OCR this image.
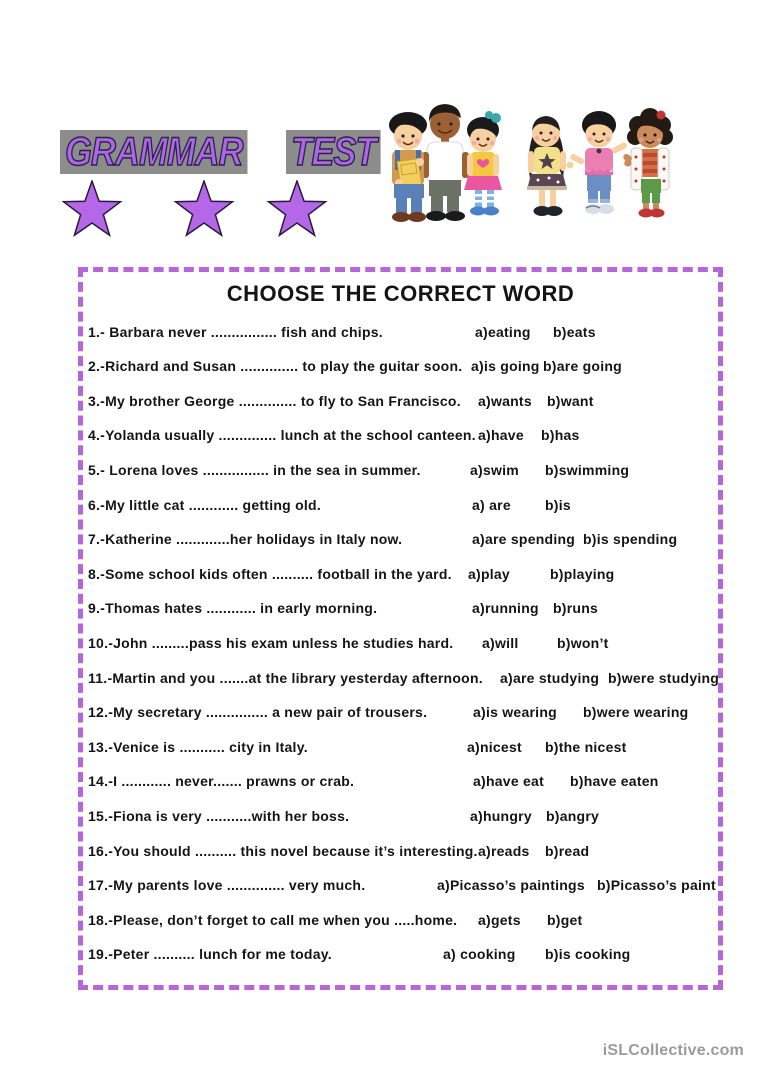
GRAMMAR TEST
CHOOSE THE CORRECT WORD
1.- Barbara never ................ fish and chips.	a)eating b)eats
2.-Richard and Susan .............. to play the guitar soon. a)is going b)are going
3.-My brother George .............. to fly to San Francisco. a)wants b)want
4.-Yolanda usually .............. lunch at the school canteen. a)have b)has
5.- Lorena loves ................ in the sea in summer.	a)swim b)swimming
6.-My little cat ............ getting old.	a) are b)is
7.-Katherine .............her holidays in Italy now.	a)are spending b)is spending
8.-Some school kids often .......... football in the yard. a)play	b)playing
9.-Thomas hates ............ in early morning.	a)running b)runs
10.-John .........pass his exam unless he studies hard. a)will	b)won’t
11.-Martin and you .......at the library yesterday afternoon. a)are studying b)were studying
12.-My secretary ............... a new pair of trousers.	a)is wearing b)were wearing
13.-Venice is ........... city in Italy.	a)nicest b)the nicest
14.-I ............ never....... prawns or crab.	a)have eat b)have eaten
15.-Fiona is very ...........with her boss.	a)hungry b)angry
16.-You should .......... this novel because it’s interesting. a)reads b)read
17.-My parents love .............. very much.	a)Picasso’s paintings b)Picasso’s paint
18.-Please, don’t forget to call me when you .....home. a)gets b)get
19.-Peter .......... lunch for me today.	a) cooking b)is cooking
iSLCollective.com
